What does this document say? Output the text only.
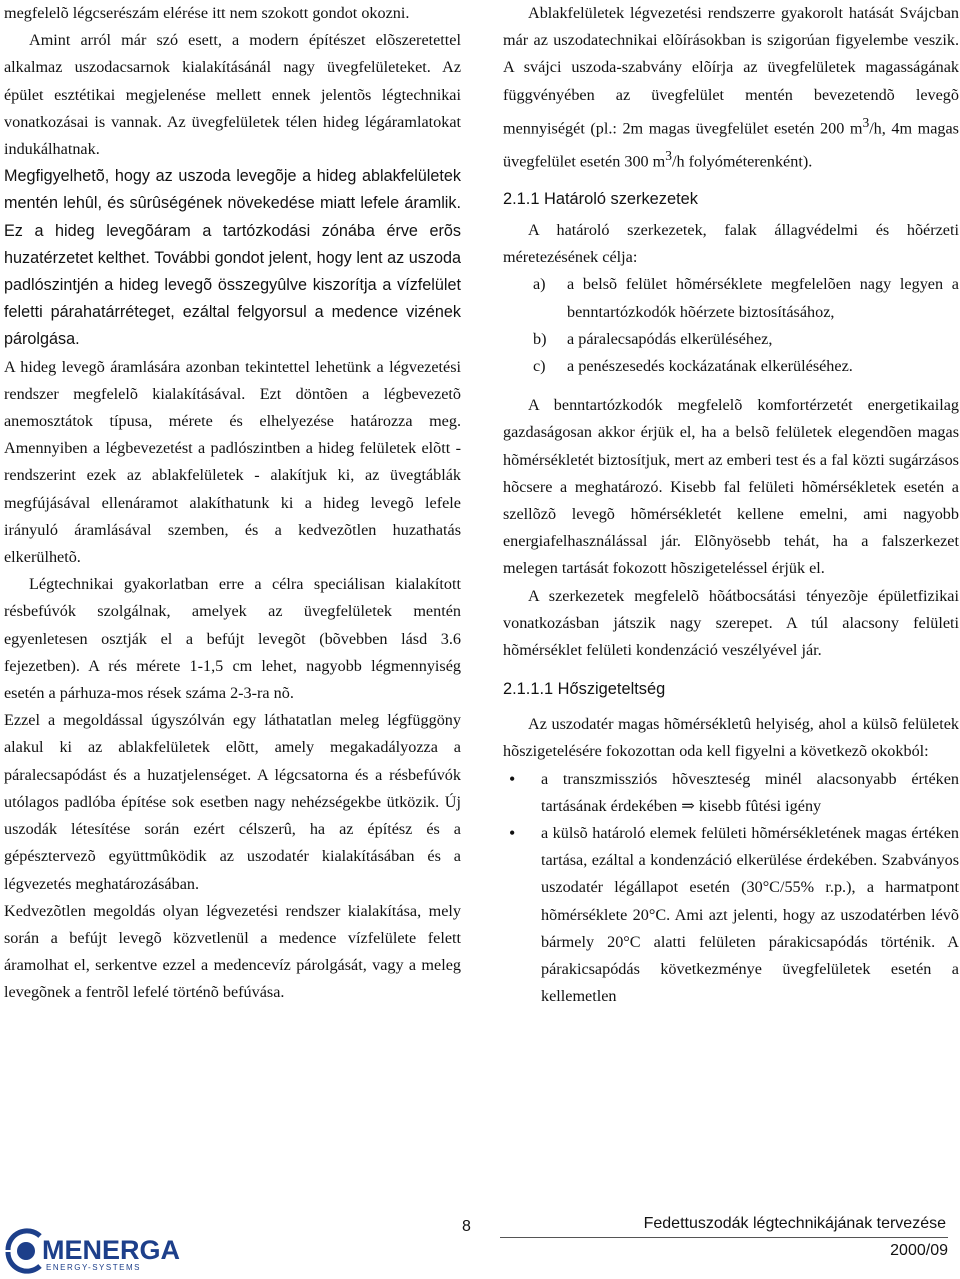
megfelelõ légcserészám elérése itt nem szokott gondot okozni.

Amint arról már szó esett, a modern építészet elõszeretettel alkalmaz uszodacsarnok kialakításánál nagy üvegfelületeket. Az épület esztétikai megjelenése mellett ennek jelentõs légtechnikai vonatkozásai is vannak. Az üvegfelületek télen hideg légáramlatokat indukálhatnak.

Megfigyelhetõ, hogy az uszoda levegõje a hideg ablakfelületek mentén lehûl, és sûrûségének növekedése miatt lefele áramlik. Ez a hideg levegõáram a tartózkodási zónába érve erõs huzatérzetet kelthet. További gondot jelent, hogy lent az uszoda padlószintjén a hideg levegõ összegyûlve kiszorítja a vízfelület feletti párahatárréteget, ezáltal felgyorsul a medence vizének párolgása.

A hideg levegõ áramlására azonban tekintettel lehetünk a légvezetési rendszer megfelelõ kialakításával. Ezt döntõen a légbevezetõ anemosztátok típusa, mérete és elhelyezése határozza meg. Amennyiben a légbevezetést a padlószintben a hideg felületek elõtt - rendszerint ezek az ablakfelületek - alakítjuk ki, az üvegtáblák megfújásával ellenáramot alakíthatunk ki a hideg levegõ lefele irányuló áramlásával szemben, és a kedvezõtlen huzathatás elkerülhetõ.

Légtechnikai gyakorlatban erre a célra speciálisan kialakított résbefúvók szolgálnak, amelyek az üvegfelületek mentén egyenletesen osztják el a befújt levegõt (bõvebben lásd 3.6 fejezetben). A rés mérete 1-1,5 cm lehet, nagyobb légmennyiség esetén a párhuza-mos rések száma 2-3-ra nõ.

Ezzel a megoldással úgyszólván egy láthatatlan meleg légfüggöny alakul ki az ablakfelületek elõtt, amely megakadályozza a páralecsapódást és a huzatjelenséget. A légcsatorna és a résbefúvók utólagos padlóba építése sok esetben nagy nehézségekbe ütközik. Új uszodák létesítése során ezért célszerû, ha az építész és a gépésztervezõ együttmûködik az uszodatér kialakításában és a légvezetés meghatározásában.

Kedvezõtlen megoldás olyan légvezetési rendszer kialakítása, mely során a befújt levegõ közvetlenül a medence vízfelülete felett áramolhat el, serkentve ezzel a medencevíz párolgását, vagy a meleg levegõnek a fentrõl lefelé történõ befúvása.

Ablakfelületek légvezetési rendszerre gyakorolt hatását Svájcban már az uszodatechnikai elõírásokban is szigorúan figyelembe veszik. A svájci uszoda-szabvány elõírja az üvegfelületek magasságának függvényében az üvegfelület mentén bevezetendõ levegõ mennyiségét (pl.: 2m magas üvegfelület esetén 200 $m^3/h$, 4m magas üvegfelület esetén 300 $m^3/h$ folyóméterenként).

2.1.1 Határoló szerkezetek

A határoló szerkezetek, falak állagvédelmi és hõérzeti méretezésének célja:

a) a belsõ felület hõmérséklete megfelelõen nagy legyen a benntartózkodók hõérzete biztosításához,
b) a páralecsapódás elkerüléséhez,
c) a penészesedés kockázatának elkerüléséhez.

A benntartózkodók megfelelõ komfortérzetét energetikailag gazdaságosan akkor érjük el, ha a belsõ felületek elegendõen magas hõmérsékletét biztosítjuk, mert az emberi test és a fal közti sugárzásos hõcsere a meghatározó. Kisebb fal felületi hõmérsékletek esetén a szellõzõ levegõ hõmérsékletét kellene emelni, ami nagyobb energiafelhasználással jár. Elõnyösebb tehát, ha a falszerkezet melegen tartását fokozott hõszigeteléssel érjük el.

A szerkezetek megfelelõ hõátbocsátási tényezõje épületfizikai vonatkozásban játszik nagy szerepet. A túl alacsony felületi hõmérséklet felületi kondenzáció veszélyével jár.

2.1.1.1 Hőszigeteltség

Az uszodatér magas hõmérsékletû helyiség, ahol a külsõ felületek hõszigetelésére fokozottan oda kell figyelni a következõ okokból:

• a transzmissziós hõveszteség minél alacsonyabb értéken tartásának érdekében ⇒ kisebb fûtési igény
• a külsõ határoló elemek felületi hõmérsékletének magas értéken tartása, ezáltal a kondenzáció elkerülése érdekében. Szabványos uszodatér légállapot esetén (30°C/55% r.p.), a harmatpont hõmérséklete 20°C. Ami azt jelenti, hogy az uszodatérben lévõ bármely 20°C alatti felületen párakicsapódás történik. A párakicsapódás következménye üvegfelületek esetén a kellemetlen
MENERGA
ENERGY-SYSTEMS
8	Fedettuszodák légtechnikájának tervezése
2000/09
